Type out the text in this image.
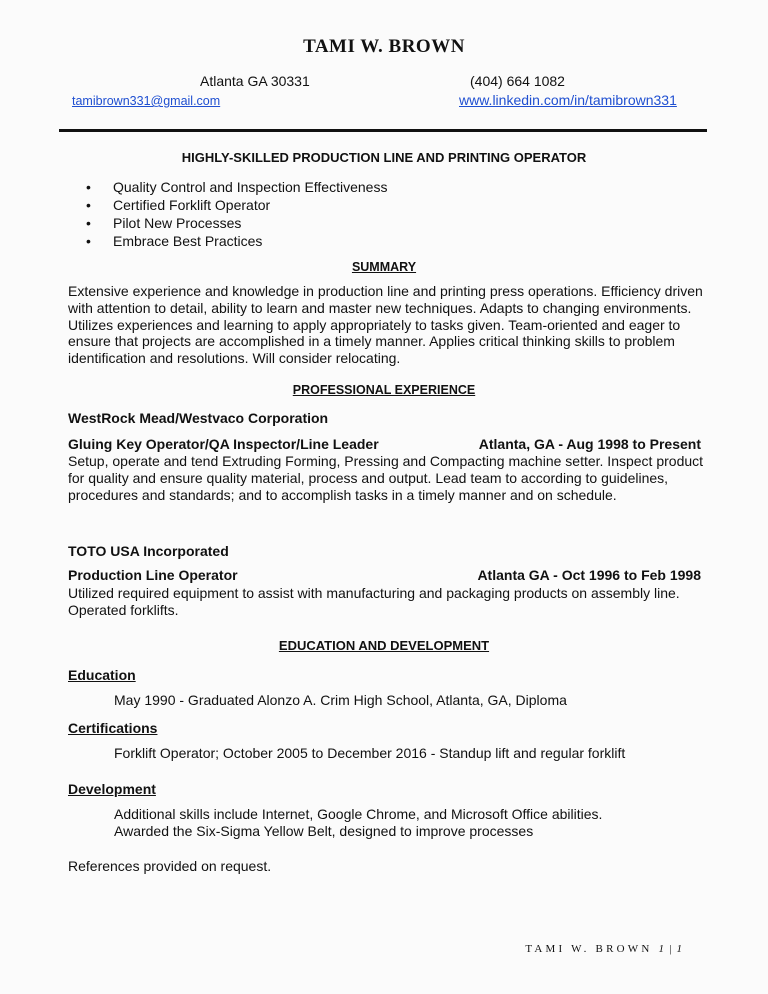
TAMI W. BROWN
Atlanta GA 30331	(404) 664 1082
tamibrown331@gmail.com	www.linkedin.com/in/tamibrown331
HIGHLY-SKILLED PRODUCTION LINE AND PRINTING OPERATOR
• Quality Control and Inspection Effectiveness
• Certified Forklift Operator
• Pilot New Processes
• Embrace Best Practices
SUMMARY
Extensive experience and knowledge in production line and printing press operations. Efficiency driven with attention to detail, ability to learn and master new techniques. Adapts to changing environments. Utilizes experiences and learning to apply appropriately to tasks given. Team-oriented and eager to ensure that projects are accomplished in a timely manner. Applies critical thinking skills to problem identification and resolutions. Will consider relocating.
PROFESSIONAL EXPERIENCE
WestRock Mead/Westvaco Corporation
Gluing Key Operator/QA Inspector/Line Leader	Atlanta, GA - Aug 1998 to Present
Setup, operate and tend Extruding Forming, Pressing and Compacting machine setter. Inspect product for quality and ensure quality material, process and output. Lead team to according to guidelines, procedures and standards; and to accomplish tasks in a timely manner and on schedule.
TOTO USA Incorporated
Production Line Operator	Atlanta GA - Oct 1996 to Feb 1998
Utilized required equipment to assist with manufacturing and packaging products on assembly line. Operated forklifts.
EDUCATION AND DEVELOPMENT
Education
May 1990 - Graduated Alonzo A. Crim High School, Atlanta, GA, Diploma
Certifications
Forklift Operator; October 2005 to December 2016 - Standup lift and regular forklift
Development
Additional skills include Internet, Google Chrome, and Microsoft Office abilities.
Awarded the Six-Sigma Yellow Belt, designed to improve processes
References provided on request.
TAMI W. BROWN 1 | 1
